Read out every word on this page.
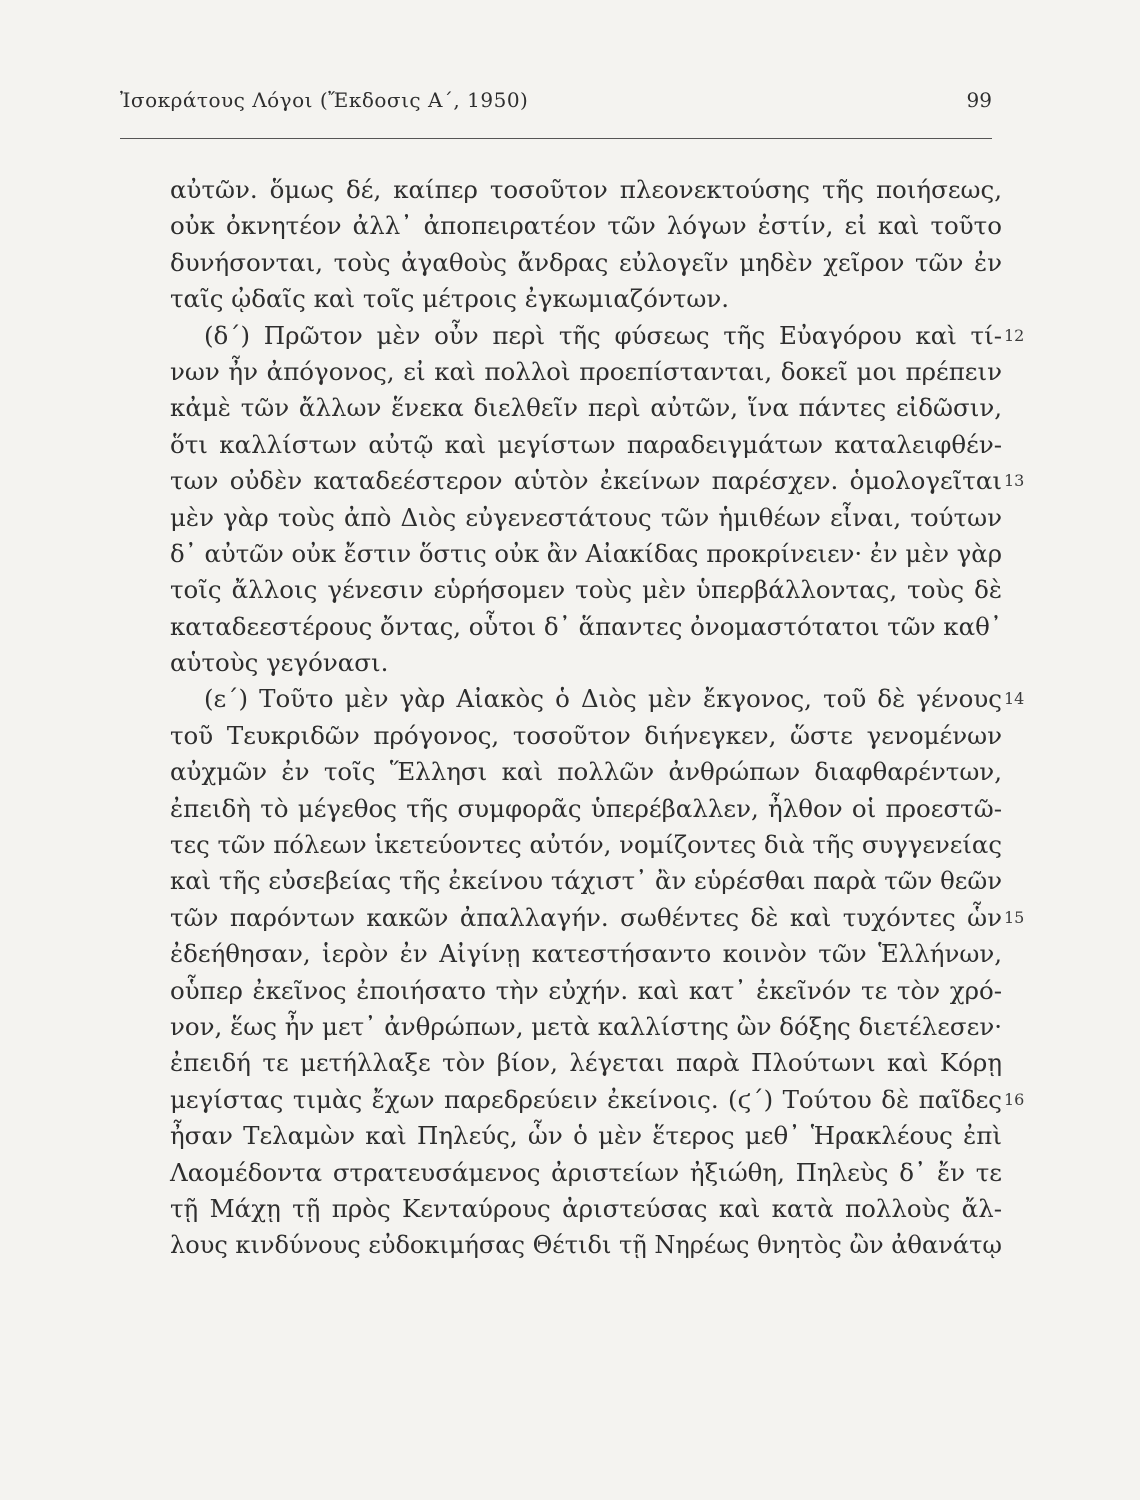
Ἰσοκράτους Λόγοι (Ἔκδοσις Α΄, 1950)	99
αὐτῶν. ὅμως δέ, καίπερ τοσοῦτον πλεονεκτούσης τῆς ποιήσεως,
οὐκ ὀκνητέον ἀλλ᾽ ἀποπειρατέον τῶν λόγων ἐστίν, εἰ καὶ τοῦτο
δυνήσονται, τοὺς ἀγαθοὺς ἄνδρας εὐλογεῖν μηδὲν χεῖρον τῶν ἐν
ταῖς ᾠδαῖς καὶ τοῖς μέτροις ἐγκωμιαζόντων.
(δ΄) Πρῶτον μὲν οὖν περὶ τῆς φύσεως τῆς Εὐαγόρου καὶ τί- 12
νων ἦν ἀπόγονος, εἰ καὶ πολλοὶ προεπίστανται, δοκεῖ μοι πρέπειν
κἀμὲ τῶν ἄλλων ἕνεκα διελθεῖν περὶ αὐτῶν, ἵνα πάντες εἰδῶσιν,
ὅτι καλλίστων αὐτῷ καὶ μεγίστων παραδειγμάτων καταλειφθέν-
των οὐδὲν καταδεέστερον αὑτὸν ἐκείνων παρέσχεν. ὁμολογεῖται 13
μὲν γὰρ τοὺς ἀπὸ Διὸς εὐγενεστάτους τῶν ἡμιθέων εἶναι, τούτων
δ᾽ αὐτῶν οὐκ ἔστιν ὅστις οὐκ ἂν Αἰακίδας προκρίνειεν· ἐν μὲν γὰρ
τοῖς ἄλλοις γένεσιν εὑρήσομεν τοὺς μὲν ὑπερβάλλοντας, τοὺς δὲ
καταδεεστέρους ὄντας, οὗτοι δ᾽ ἅπαντες ὀνομαστότατοι τῶν καθ᾽
αὑτοὺς γεγόνασι.
(ε΄) Τοῦτο μὲν γὰρ Αἰακὸς ὁ Διὸς μὲν ἔκγονος, τοῦ δὲ γένους 14
τοῦ Τευκριδῶν πρόγονος, τοσοῦτον διήνεγκεν, ὥστε γενομένων
αὐχμῶν ἐν τοῖς Ἕλλησι καὶ πολλῶν ἀνθρώπων διαφθαρέντων,
ἐπειδὴ τὸ μέγεθος τῆς συμφορᾶς ὑπερέβαλλεν, ἦλθον οἱ προεστῶ-
τες τῶν πόλεων ἱκετεύοντες αὐτόν, νομίζοντες διὰ τῆς συγγενείας
καὶ τῆς εὐσεβείας τῆς ἐκείνου τάχιστ᾽ ἂν εὑρέσθαι παρὰ τῶν θεῶν
τῶν παρόντων κακῶν ἀπαλλαγήν. σωθέντες δὲ καὶ τυχόντες ὧν 15
ἐδεήθησαν, ἱερὸν ἐν Αἰγίνῃ κατεστήσαντο κοινὸν τῶν Ἑλλήνων,
οὗπερ ἐκεῖνος ἐποιήσατο τὴν εὐχήν. καὶ κατ᾽ ἐκεῖνόν τε τὸν χρό-
νον, ἕως ἦν μετ᾽ ἀνθρώπων, μετὰ καλλίστης ὢν δόξης διετέλεσεν·
ἐπειδή τε μετήλλαξε τὸν βίον, λέγεται παρὰ Πλούτωνι καὶ Κόρῃ
μεγίστας τιμὰς ἔχων παρεδρεύειν ἐκείνοις. (ϛ΄) Τούτου δὲ παῖδες 16
ἦσαν Τελαμὼν καὶ Πηλεύς, ὧν ὁ μὲν ἕτερος μεθ᾽ Ἡρακλέους ἐπὶ
Λαομέδοντα στρατευσάμενος ἀριστείων ἠξιώθη, Πηλεὺς δ᾽ ἔν τε
τῇ Μάχῃ τῇ πρὸς Κενταύρους ἀριστεύσας καὶ κατὰ πολλοὺς ἄλ-
λους κινδύνους εὐδοκιμήσας Θέτιδι τῇ Νηρέως θνητὸς ὢν ἀθανάτῳ
